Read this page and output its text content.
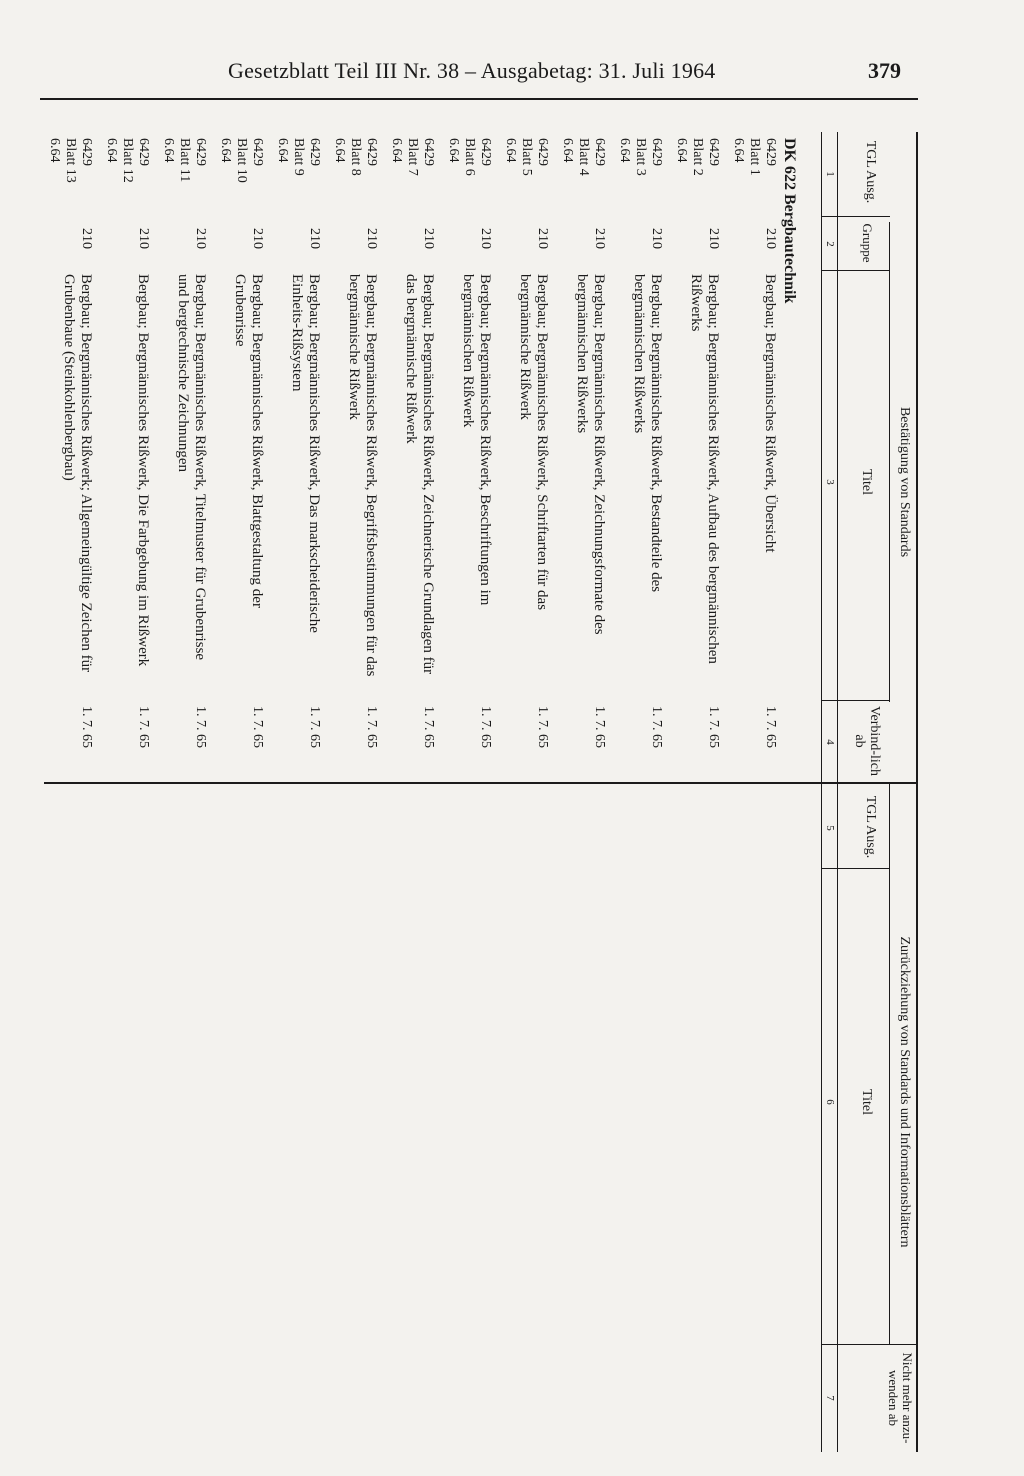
Gesetzblatt Teil III Nr. 38 – Ausgabetag: 31. Juli 1964	379
Bestätigung von Standards
TGL Ausg.
Gruppe
Titel
Verbind-lich ab
1
2
3
4
Zurückziehung von Standards und Informationsblättern
TGL Ausg.
Titel
Nicht mehr anzu-wenden ab
5
6
7
DK 622 Bergbautechnik
6429
Blatt 1
6.64
210
Bergbau; Bergmännisches Rißwerk, Übersicht
1. 7. 65
6429
Blatt 2
6.64
210
Bergbau; Bergmännisches Rißwerk, Aufbau des bergmännischen Rißwerks
1. 7. 65
6429
Blatt 3
6.64
210
Bergbau; Bergmännisches Rißwerk, Bestandteile des bergmännischen Rißwerks
1. 7. 65
6429
Blatt 4
6.64
210
Bergbau; Bergmännisches Rißwerk, Zeichnungsformate des bergmännischen Rißwerks
1. 7. 65
6429
Blatt 5
6.64
210
Bergbau; Bergmännisches Rißwerk, Schriftarten für das bergmännische Rißwerk
1. 7. 65
6429
Blatt 6
6.64
210
Bergbau; Bergmännisches Rißwerk, Beschriftungen im bergmännischen Rißwerk
1. 7. 65
6429
Blatt 7
6.64
210
Bergbau; Bergmännisches Rißwerk, Zeichnerische Grundlagen für das bergmännische Rißwerk
1. 7. 65
6429
Blatt 8
6.64
210
Bergbau; Bergmännisches Rißwerk, Begriffsbestimmungen für das bergmännische Rißwerk
1. 7. 65
6429
Blatt 9
6.64
210
Bergbau; Bergmännisches Rißwerk, Das markscheiderische Einheits-Rißsystem
1. 7. 65
6429
Blatt 10
6.64
210
Bergbau; Bergmännisches Rißwerk, Blattgestaltung der Grubenrisse
1. 7. 65
6429
Blatt 11
6.64
210
Bergbau; Bergmännisches Rißwerk, Titelmuster für Grubenrisse und bergtechnische Zeichnungen
1. 7. 65
6429
Blatt 12
6.64
210
Bergbau; Bergmännisches Rißwerk, Die Farbgebung im Rißwerk
1. 7. 65
6429
Blatt 13
6.64
210
Bergbau; Bergmännisches Rißwerk; Allgemeingültige Zeichen für Grubenbaue (Steinkohlenbergbau)
1. 7. 65
